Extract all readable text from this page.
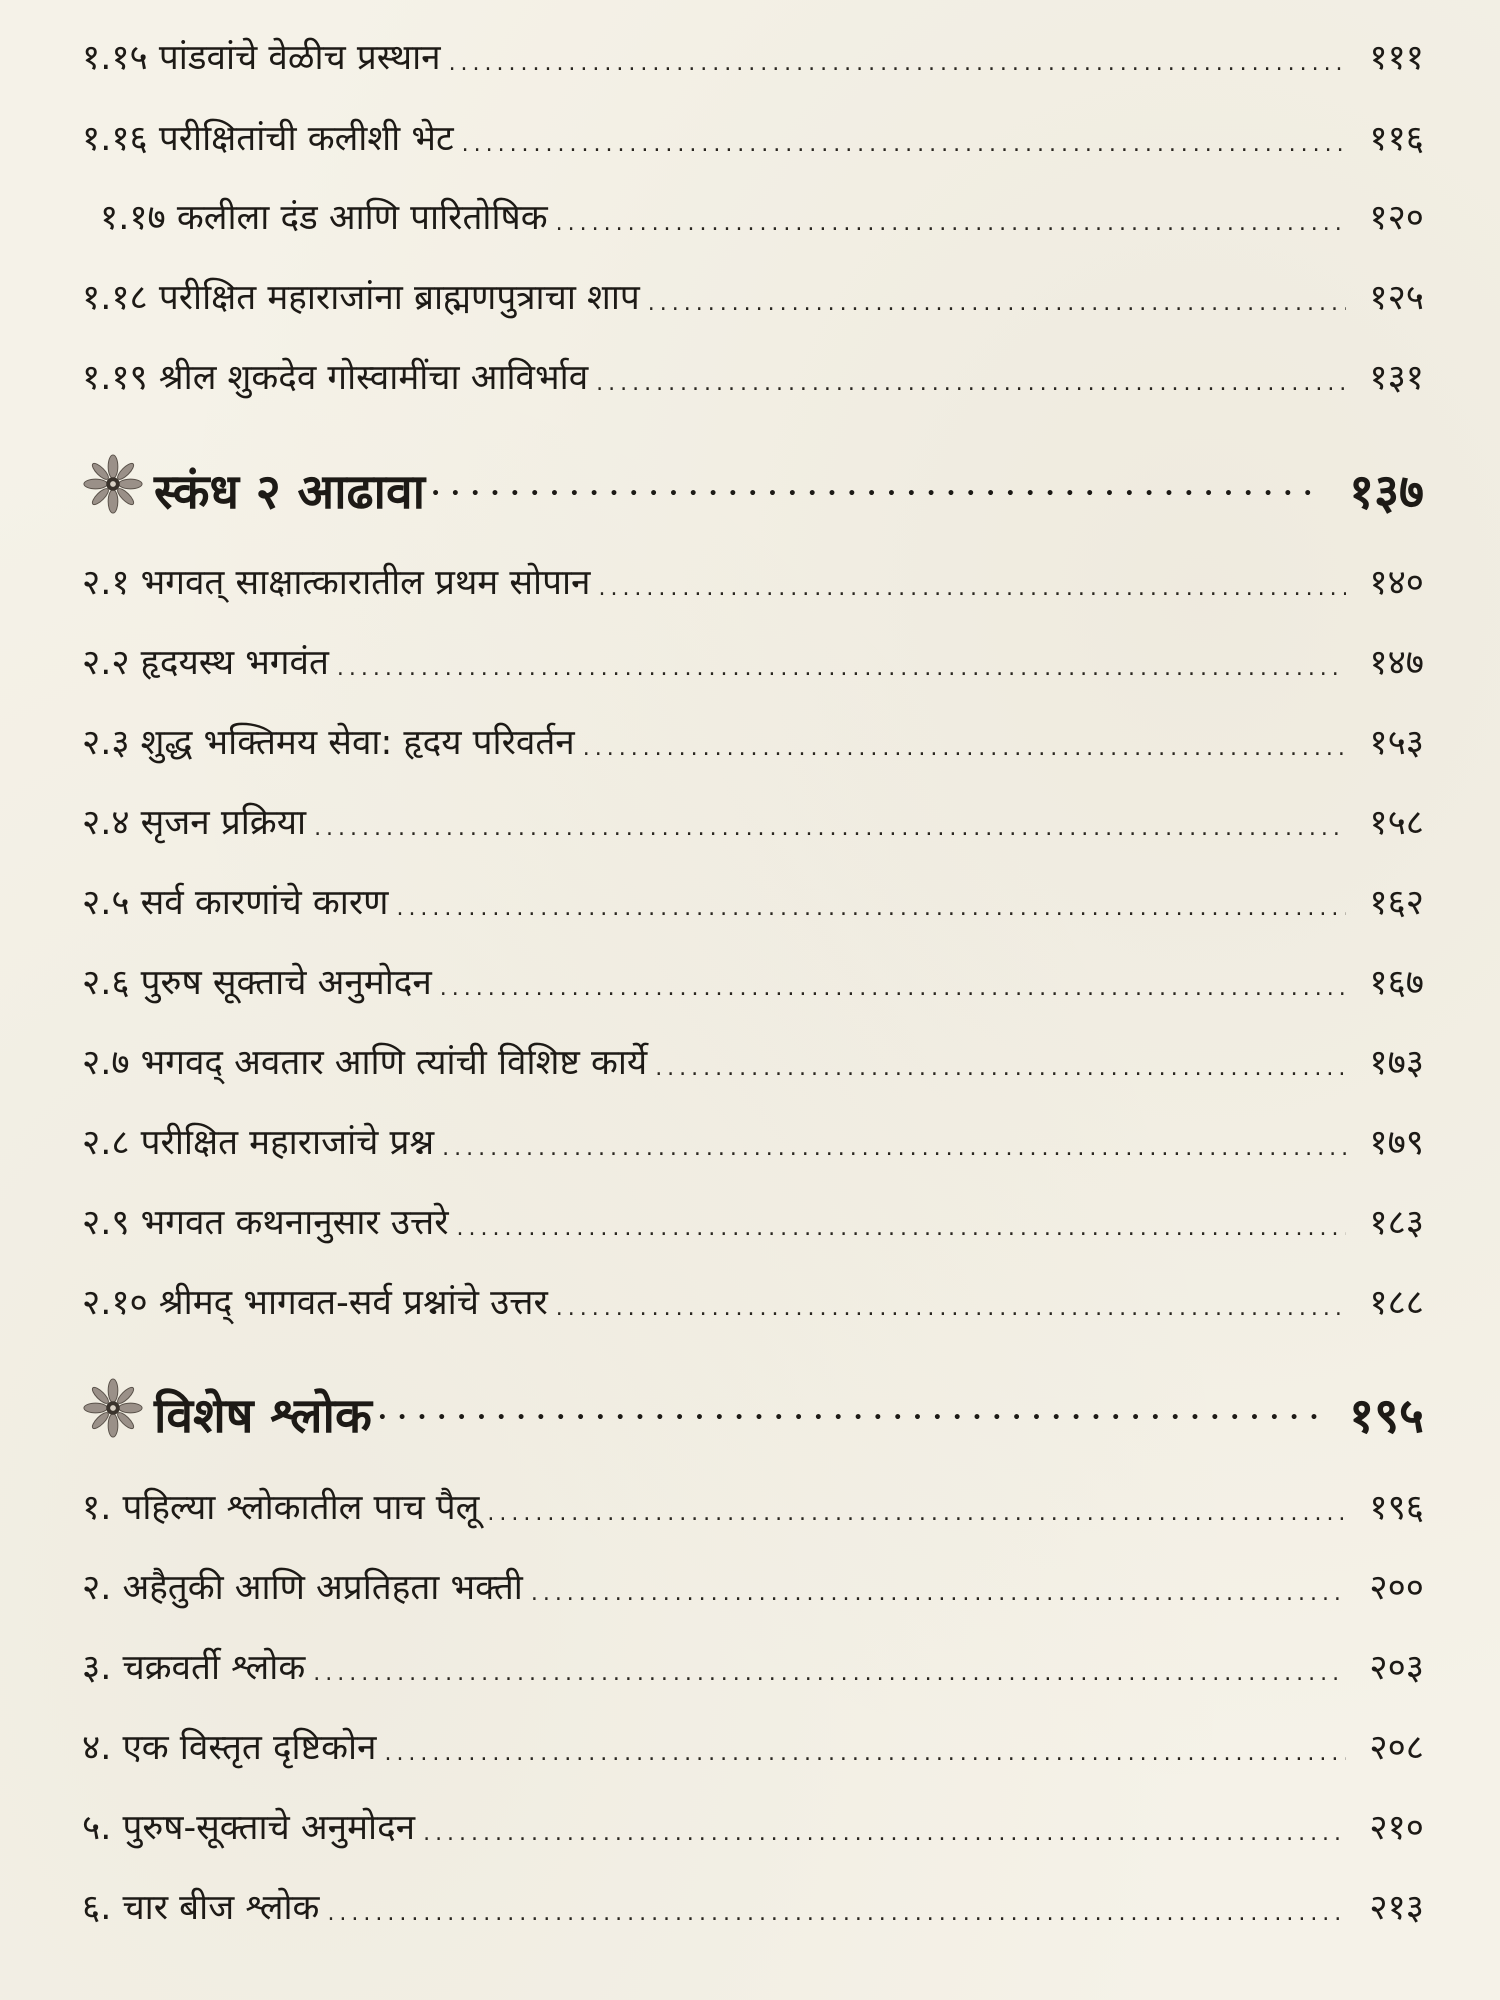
१.१५ पांडवांचे वेळीच प्रस्थान . . .	१११
१.१६ परीक्षितांची कलीशी भेट . . .	११६
१.१७ कलीला दंड आणि पारितोषिक . . .	१२०
१.१८ परीक्षित महाराजांना ब्राह्मणपुत्राचा शाप . . .	१२५
१.१९ श्रील शुकदेव गोस्वामींचा आविर्भाव . . .	१३१
स्कंध २ आढावा • • •	१३७
२.१ भगवत् साक्षात्कारातील प्रथम सोपान . . .	१४०
२.२ हृदयस्थ भगवंत . . .	१४७
२.३ शुद्ध भक्तिमय सेवा: हृदय परिवर्तन . . .	१५३
२.४ सृजन प्रक्रिया . . .	१५८
२.५ सर्व कारणांचे कारण . . .	१६२
२.६ पुरुष सूक्ताचे अनुमोदन . . .	१६७
२.७ भगवद् अवतार आणि त्यांची विशिष्ट कार्ये . . .	१७३
२.८ परीक्षित महाराजांचे प्रश्न . . .	१७९
२.९ भगवत कथनानुसार उत्तरे . . .	१८३
२.१० श्रीमद् भागवत-सर्व प्रश्नांचे उत्तर . . .	१८८
विशेष श्लोक • • •	१९५
१. पहिल्या श्लोकातील पाच पैलू . . .	१९६
२. अहैतुकी आणि अप्रतिहता भक्ती . . .	२००
३. चक्रवर्ती श्लोक . . .	२०३
४. एक विस्तृत दृष्टिकोन . . .	२०८
५. पुरुष-सूक्ताचे अनुमोदन . . .	२१०
६. चार बीज श्लोक . . .	२१३
